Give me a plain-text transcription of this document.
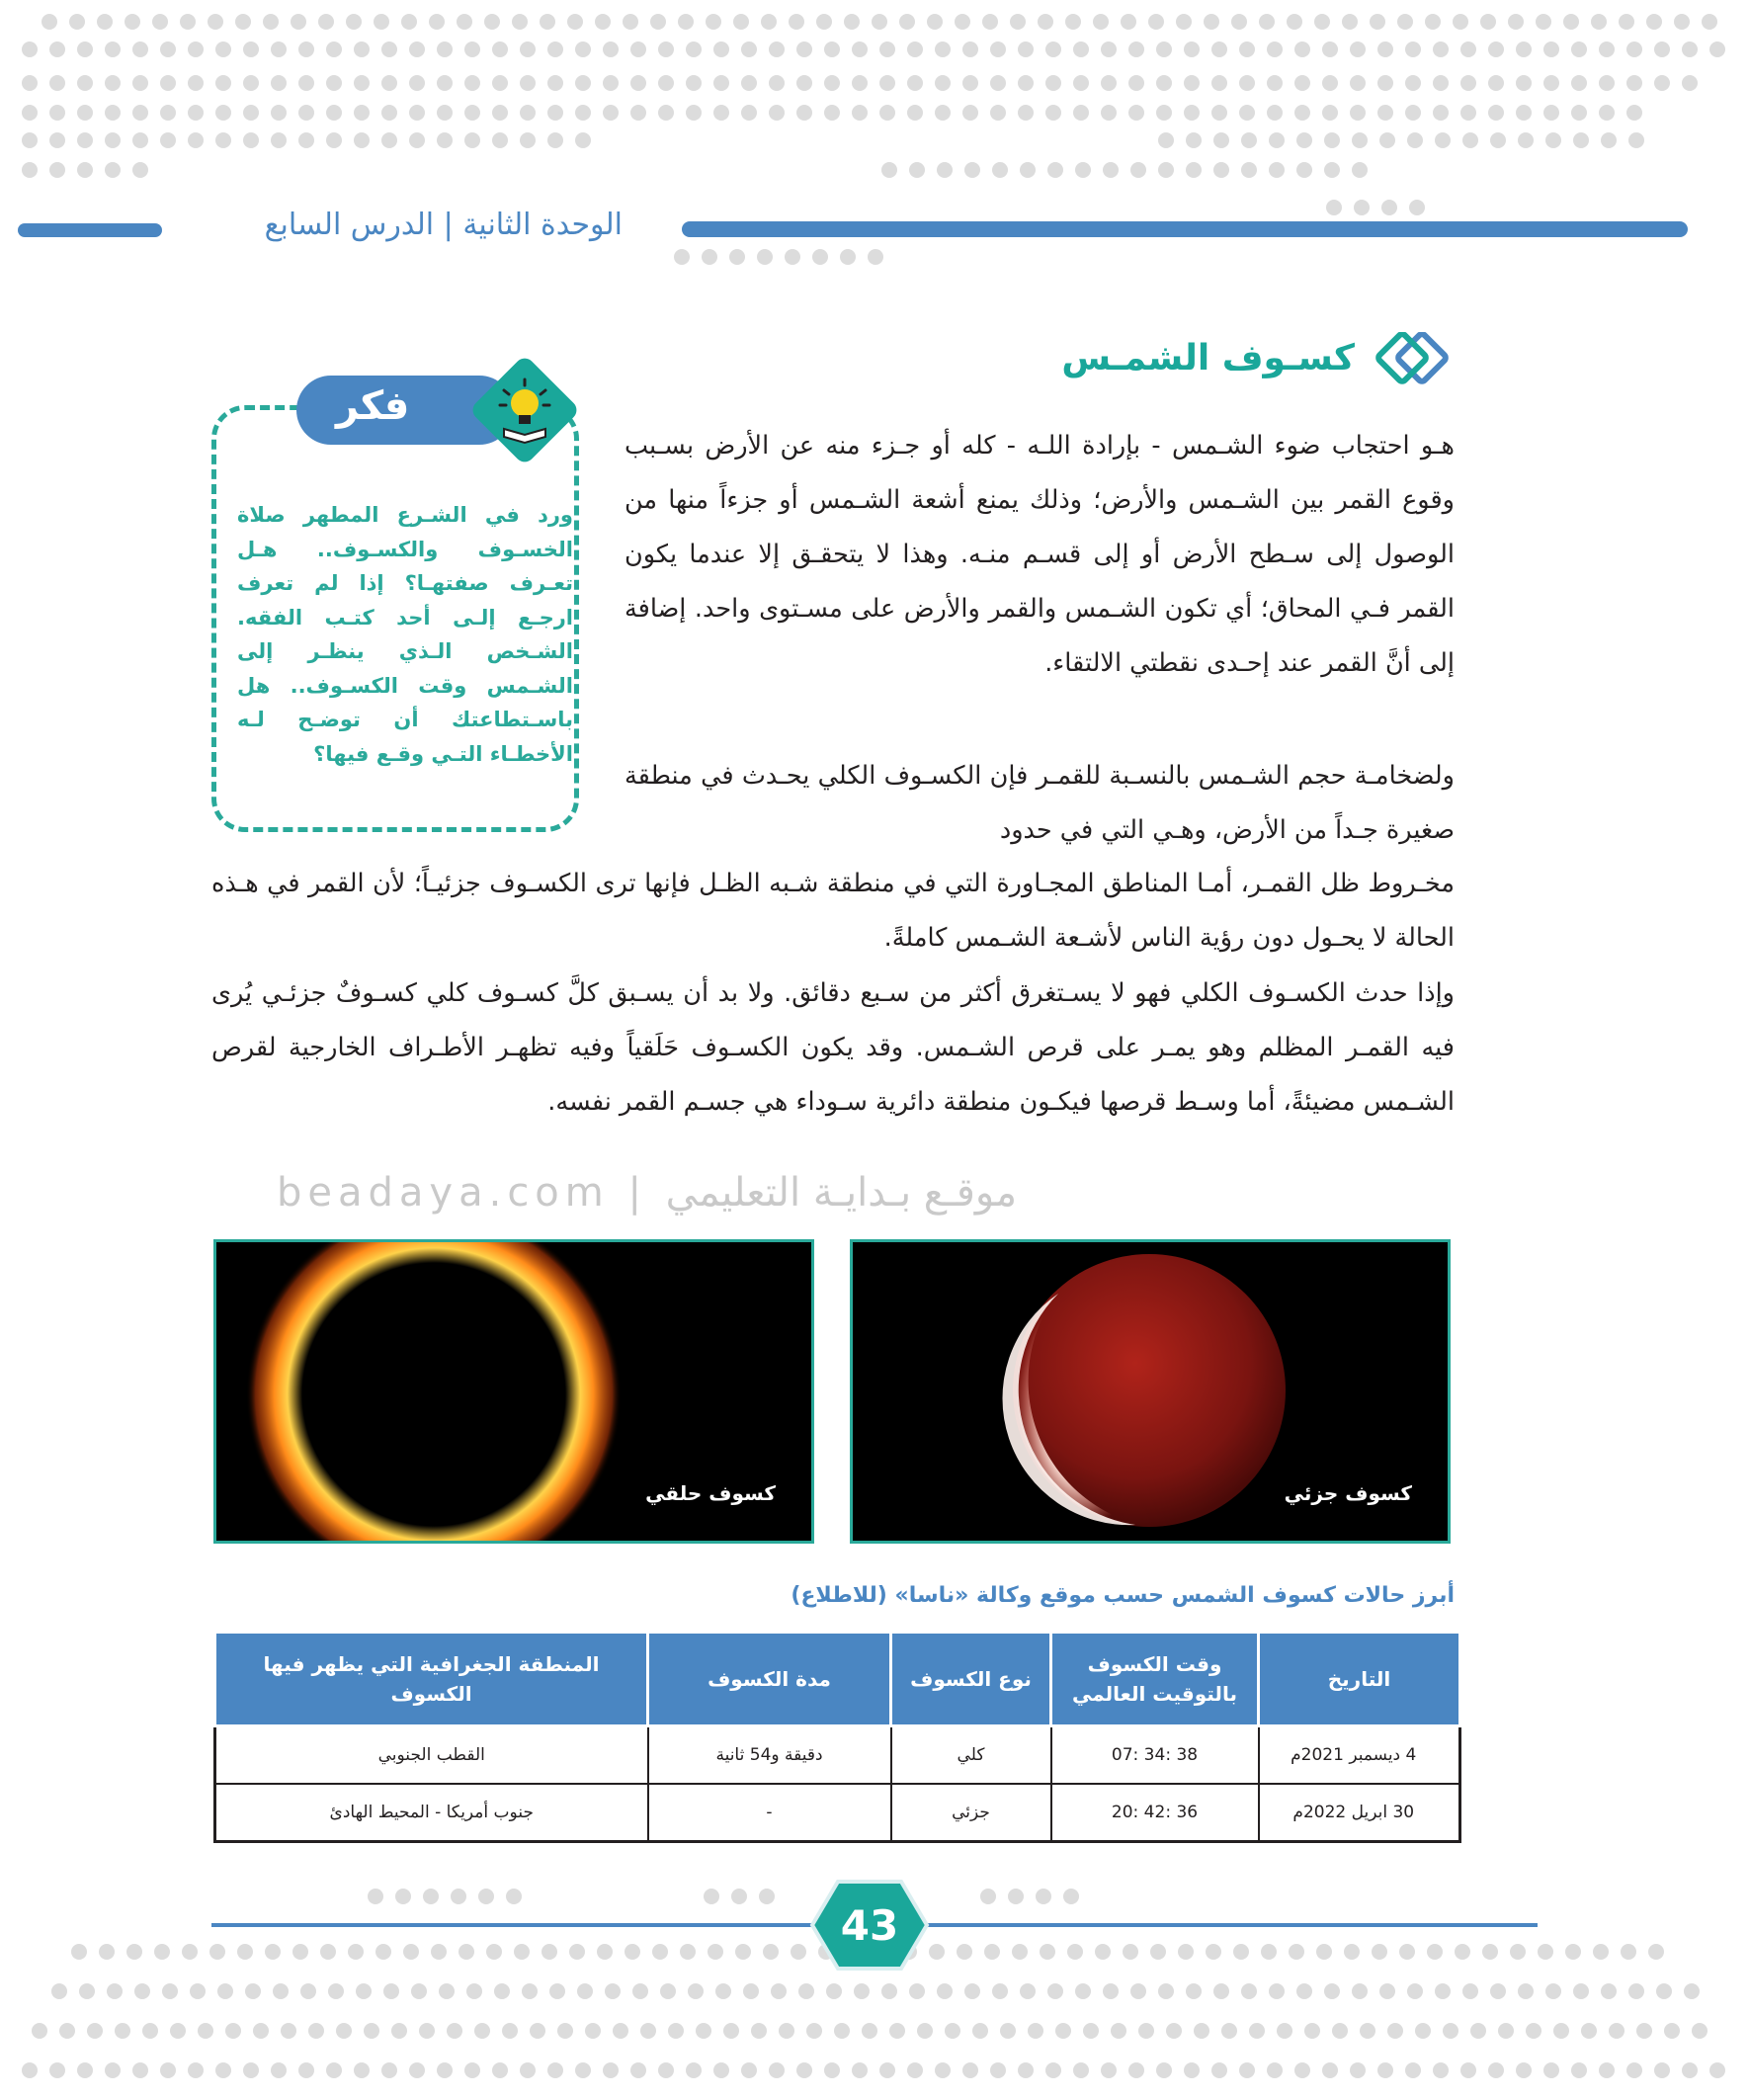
الوحدة الثانية | الدرس السابع
كسـوف الشمـس
فكر
ورد في الشـرع المطهر صلاة الخسـوف والكسـوف.. هـل تعـرف صفتهـا؟ إذا لم تعرف ارجـع إلـى أحد كتـب الفقه. الشـخص الـذي ينظـر إلى الشـمس وقت الكسـوف.. هل باسـتطاعتك أن توضـح لـه الأخطـاء التـي وقـع فيها؟
هـو احتجاب ضوء الشـمس - بإرادة اللـه - كله أو جـزء منه عن الأرض بسـبب وقوع القمر بين الشـمس والأرض؛ وذلك يمنع أشعة الشـمس أو جزءاً منها من الوصول إلى سـطح الأرض أو إلى قسـم منـه. وهذا لا يتحقـق إلا عندما يكون القمر فـي المحاق؛ أي تكون الشـمس والقمر والأرض على مسـتوى واحد. إضافة إلى أنَّ القمر عند إحـدى نقطتي الالتقاء.
ولضخامـة حجم الشـمس بالنسـبة للقمـر فإن الكسـوف الكلي يحـدث في منطقة صغيرة جـداً من الأرض، وهـي التي في حدود
مخـروط ظل القمـر، أمـا المناطق المجـاورة التي في منطقة شـبه الظـل فإنها ترى الكسـوف جزئيـاً؛ لأن القمر في هـذه الحالة لا يحـول دون رؤية الناس لأشـعة الشـمس كاملةً.
وإذا حدث الكسـوف الكلي فهو لا يسـتغرق أكثر من سـبع دقائق. ولا بد أن يسـبق كلَّ كسـوف كلي كسـوفٌ جزئـي يُرى فيه القمـر المظلم وهو يمـر على قرص الشـمس. وقد يكون الكسـوف حَلَقياً وفيه تظهـر الأطـراف الخارجية لقرص الشـمس مضيئةً، أما وسـط قرصها فيكـون منطقة دائرية سـوداء هي جسـم القمر نفسه.
beadaya.com | موقـع بـدايـة التعليمي
كسوف جزئي
كسوف حلقي
أبرز حالات كسوف الشمس حسب موقع وكالة «ناسا» (للاطلاع)
التاريخ	وقت الكسوف بالتوقيت العالمي	نوع الكسوف	مدة الكسوف	المنطقة الجغرافية التي يظهر فيها الكسوف
4 ديسمبر 2021م	38 :34 :07	كلي	دقيقة و54 ثانية	القطب الجنوبي
30 ابريل 2022م	36 :42 :20	جزئي	-	جنوب أمريكا - المحيط الهادئ
43
